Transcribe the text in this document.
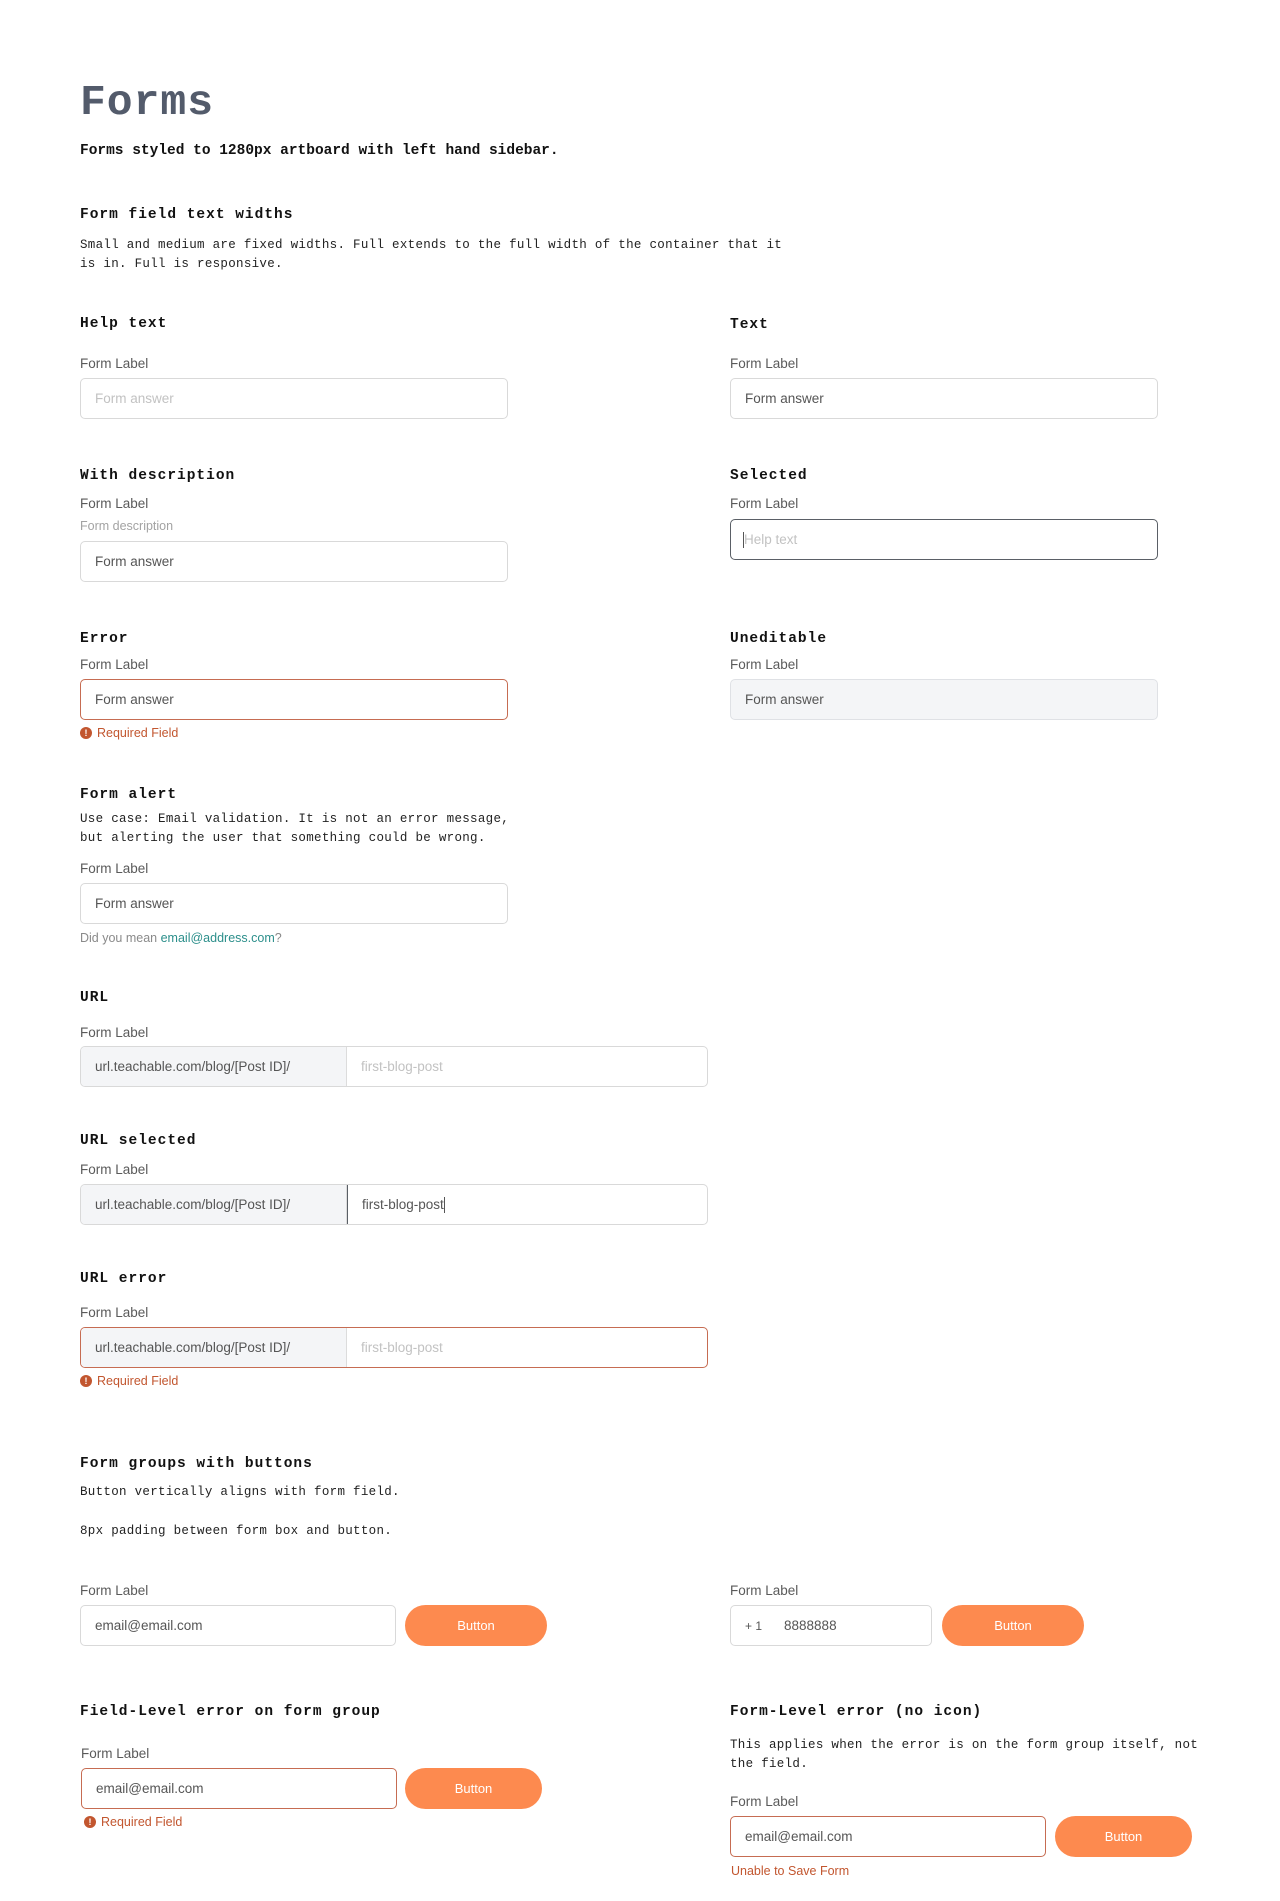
Forms
Forms styled to 1280px artboard with left hand sidebar.
Form field text widths
Small and medium are fixed widths. Full extends to the full width of the container that it
is in. Full is responsive.
Help text
Form Label
Form answer
Text
Form Label
Form answer
With description
Form Label
Form description
Form answer
Selected
Form Label
Help text
Error
Form Label
Form answer
! Required Field
Uneditable
Form Label
Form answer
Form alert
Use case: Email validation. It is not an error message,
but alerting the user that something could be wrong.
Form Label
Form answer
Did you mean email@address.com?
URL
Form Label
url.teachable.com/blog/[Post ID]/	first-blog-post
URL selected
Form Label
url.teachable.com/blog/[Post ID]/	first-blog-post
URL error
Form Label
url.teachable.com/blog/[Post ID]/	first-blog-post
! Required Field
Form groups with buttons
Button vertically aligns with form field.
8px padding between form box and button.
Form Label
email@email.com	Button
Form Label
+ 1 8888888	Button
Field-Level error on form group
Form Label
email@email.com	Button
! Required Field
Form-Level error (no icon)
This applies when the error is on the form group itself, not
the field.
Form Label
email@email.com	Button
Unable to Save Form
